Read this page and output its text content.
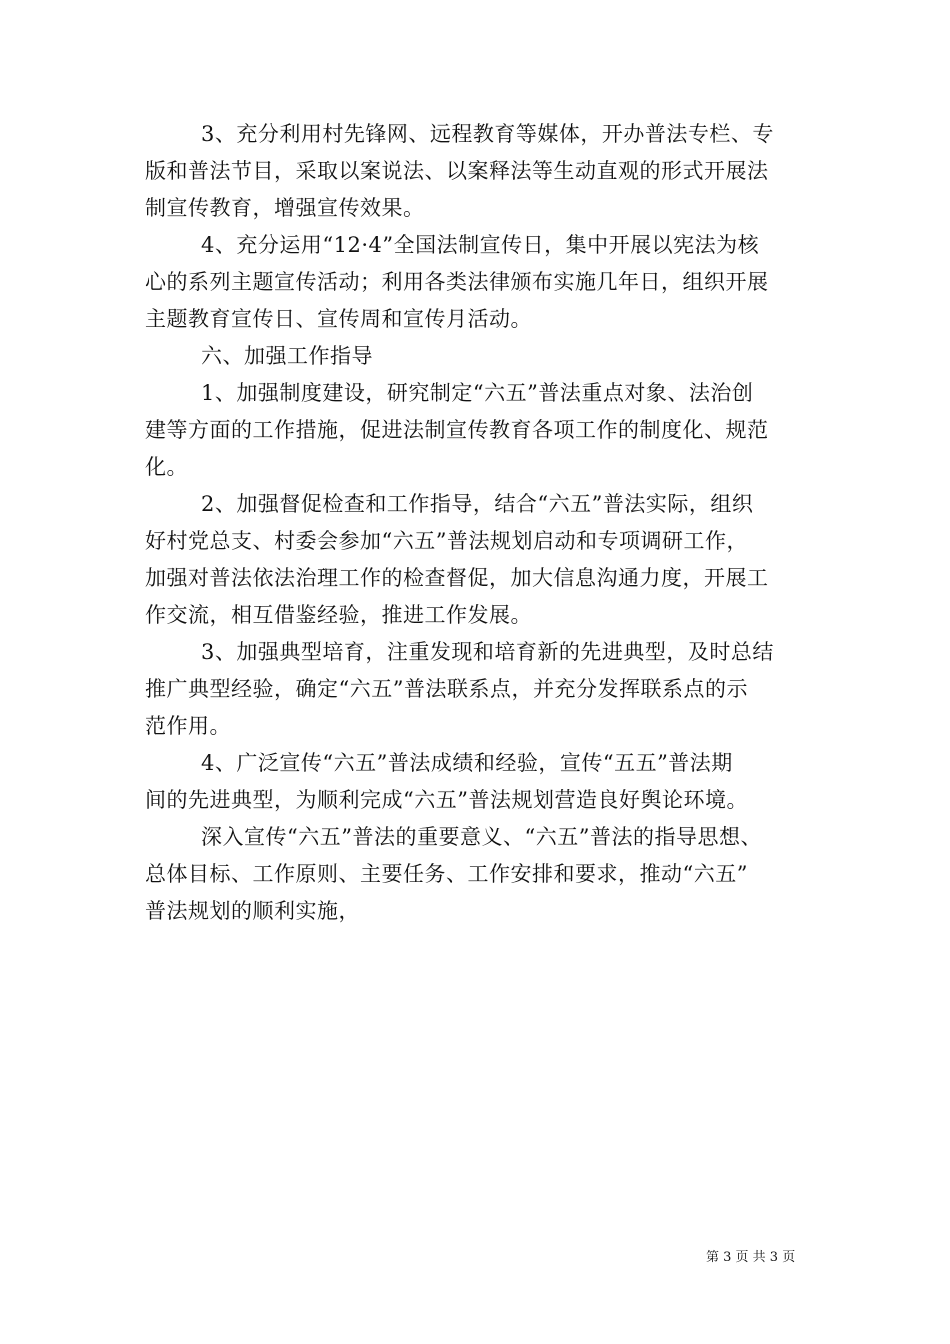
3、充分利用村先锋网、远程教育等媒体，开办普法专栏、专
版和普法节目，采取以案说法、以案释法等生动直观的形式开展法
制宣传教育，增强宣传效果。
4、充分运用“12·4”全国法制宣传日，集中开展以宪法为核
心的系列主题宣传活动；利用各类法律颁布实施几年日，组织开展
主题教育宣传日、宣传周和宣传月活动。
六、加强工作指导
1、加强制度建设，研究制定“六五”普法重点对象、法治创
建等方面的工作措施，促进法制宣传教育各项工作的制度化、规范
化。
2、加强督促检查和工作指导，结合“六五”普法实际，组织
好村党总支、村委会参加“六五”普法规划启动和专项调研工作，
加强对普法依法治理工作的检查督促，加大信息沟通力度，开展工
作交流，相互借鉴经验，推进工作发展。
3、加强典型培育，注重发现和培育新的先进典型，及时总结
推广典型经验，确定“六五”普法联系点，并充分发挥联系点的示
范作用。
4、广泛宣传“六五”普法成绩和经验，宣传“五五”普法期
间的先进典型，为顺利完成“六五”普法规划营造良好舆论环境。
深入宣传“六五”普法的重要意义、“六五”普法的指导思想、
总体目标、工作原则、主要任务、工作安排和要求，推动“六五”
普法规划的顺利实施，
第 3 页 共 3 页
